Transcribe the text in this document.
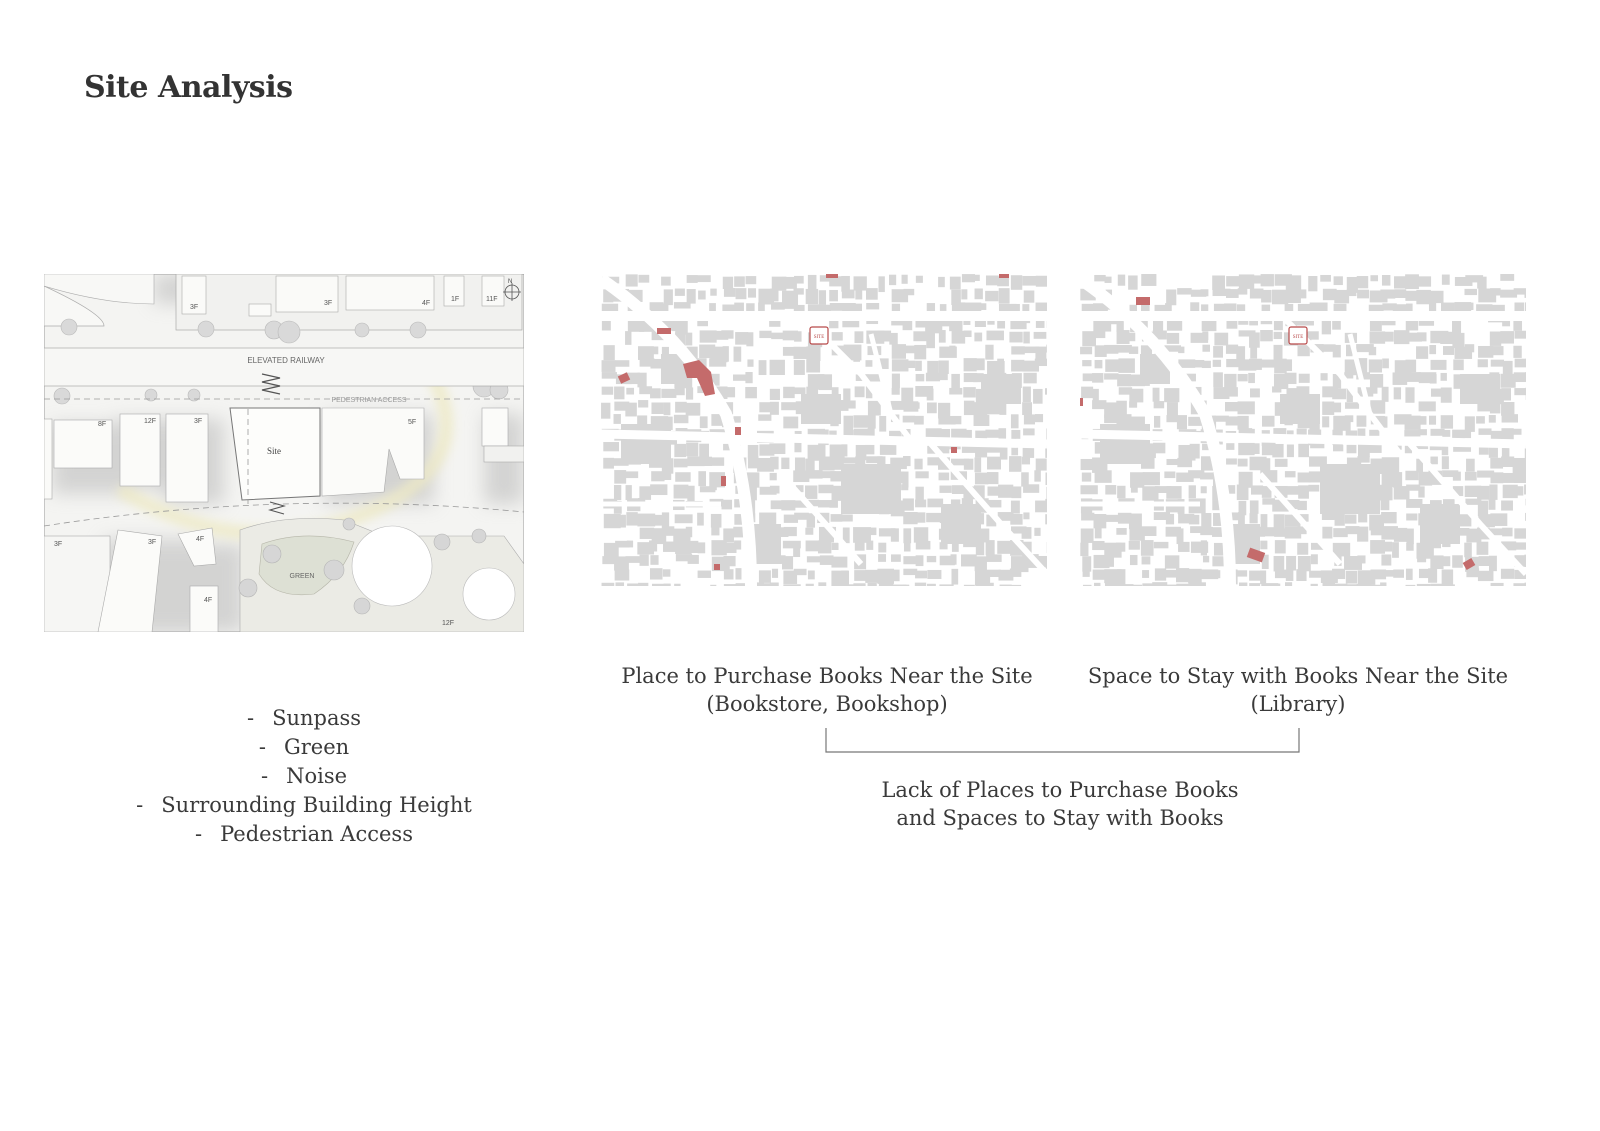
Site Analysis
ELEVATED RAILWAY
PEDESTRIAN ACCESS
Site
GREEN
N
3F
3F	4F
1F	11F
8F	12F	3F	5F
3F	3F	4F
4F
12F
SITE	SITE
- Sunpass
- Green
- Noise
- Surrounding Building Height
- Pedestrian Access
Place to Purchase Books Near the Site
(Bookstore, Bookshop)
Space to Stay with Books Near the Site
(Library)
Lack of Places to Purchase Books
and Spaces to Stay with Books
